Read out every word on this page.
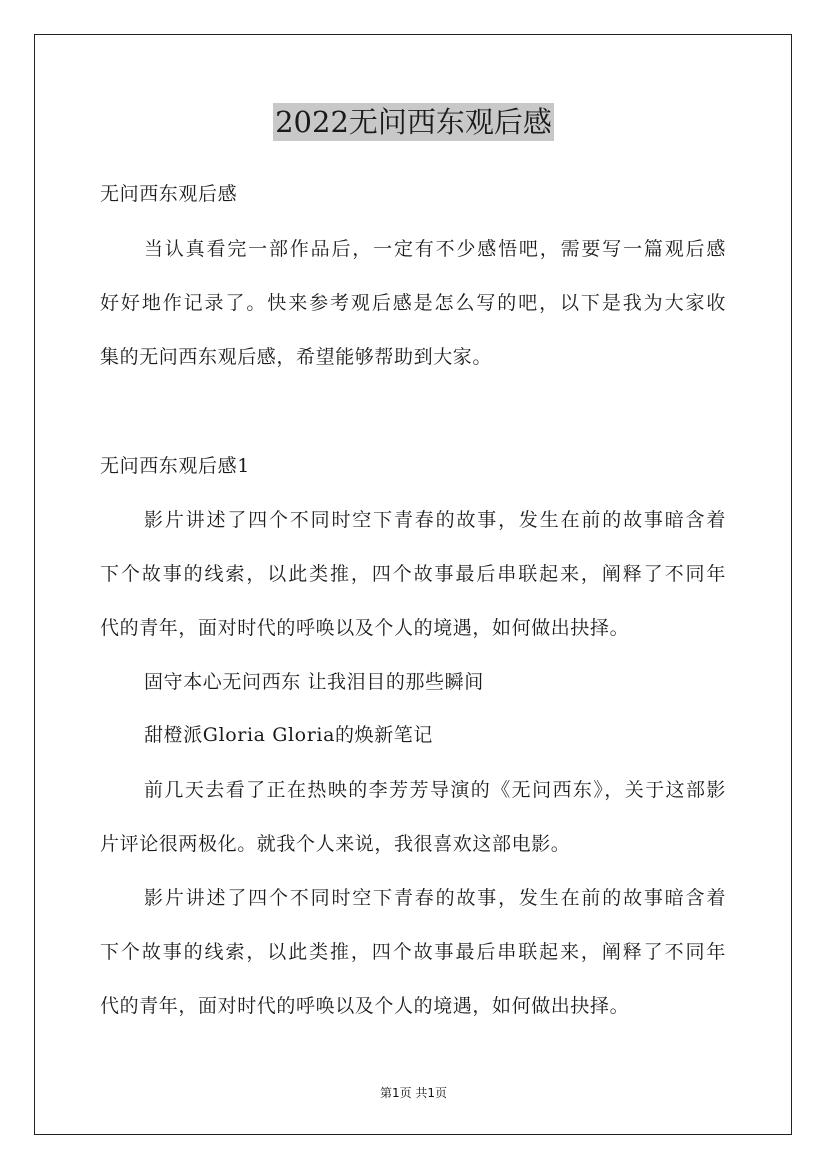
2022无问西东观后感
无问西东观后感
当认真看完一部作品后，一定有不少感悟吧，需要写一篇观后感
好好地作记录了。快来参考观后感是怎么写的吧，以下是我为大家收
集的无问西东观后感，希望能够帮助到大家。
无问西东观后感1
影片讲述了四个不同时空下青春的故事，发生在前的故事暗含着
下个故事的线索，以此类推，四个故事最后串联起来，阐释了不同年
代的青年，面对时代的呼唤以及个人的境遇，如何做出抉择。
固守本心无问西东 让我泪目的那些瞬间
甜橙派Gloria Gloria的焕新笔记
前几天去看了正在热映的李芳芳导演的《无问西东》，关于这部影
片评论很两极化。就我个人来说，我很喜欢这部电影。
影片讲述了四个不同时空下青春的故事，发生在前的故事暗含着
下个故事的线索，以此类推，四个故事最后串联起来，阐释了不同年
代的青年，面对时代的呼唤以及个人的境遇，如何做出抉择。
第1页 共1页
